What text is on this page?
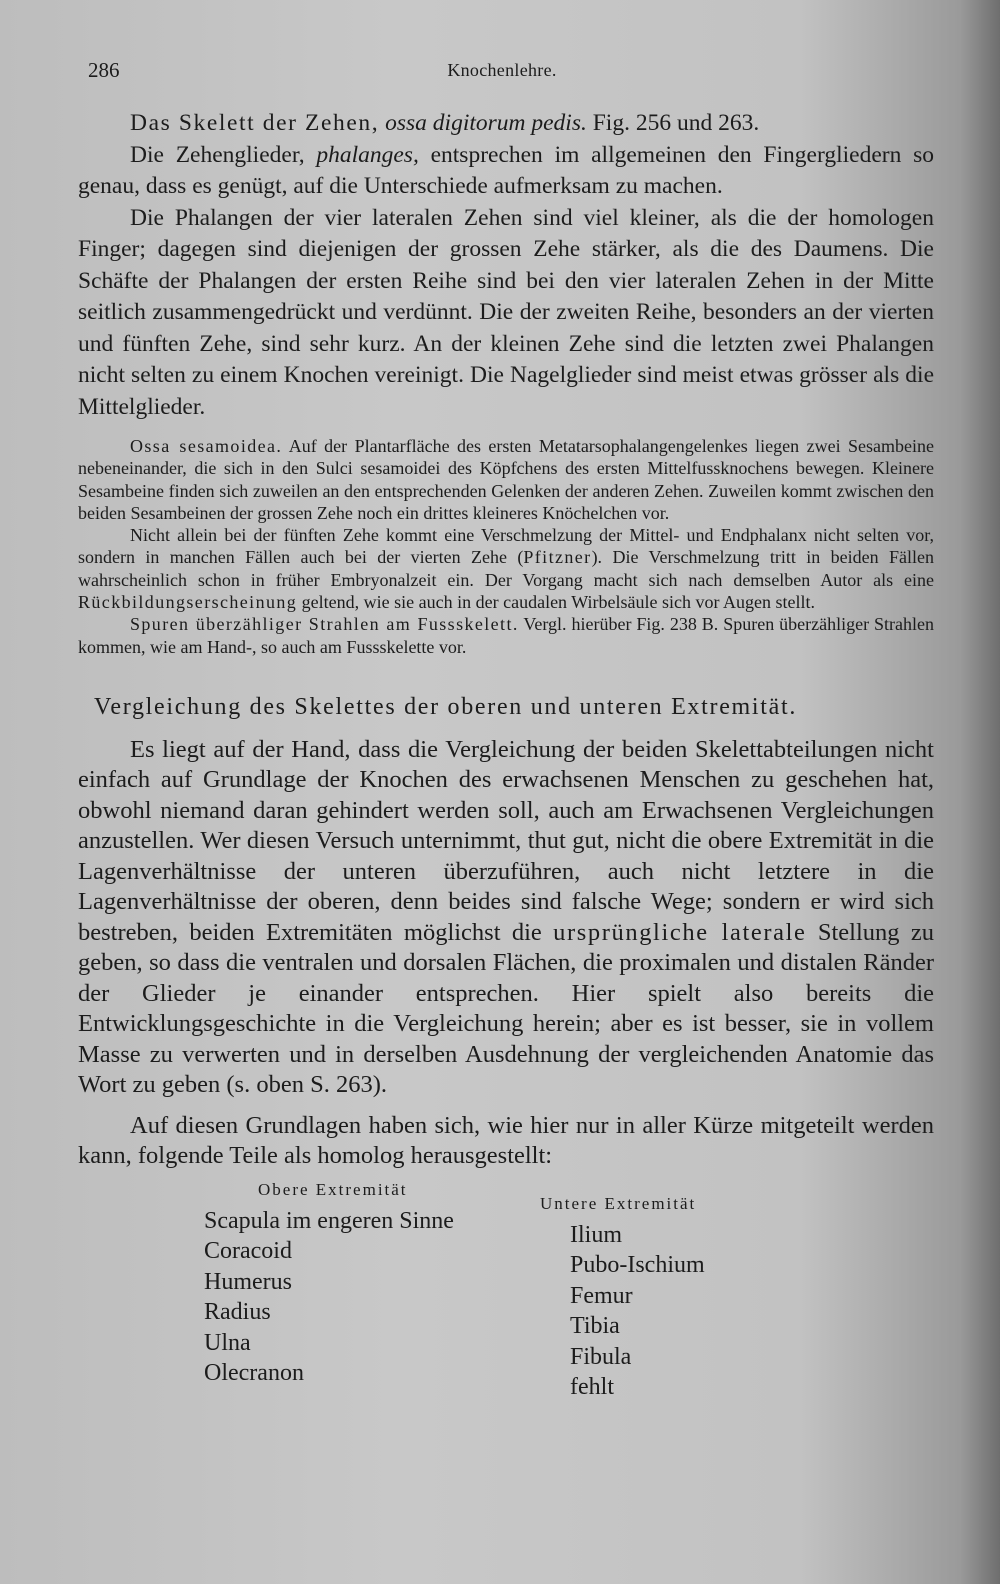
286	Knochenlehre.

Das Skelett der Zehen, ossa digitorum pedis. Fig. 256 und 263.

Die Zehenglieder, phalanges, entsprechen im allgemeinen den Fingergliedern so genau, dass es genügt, auf die Unterschiede aufmerksam zu machen.

Die Phalangen der vier lateralen Zehen sind viel kleiner, als die der homologen Finger; dagegen sind diejenigen der grossen Zehe stärker, als die des Daumens. Die Schäfte der Phalangen der ersten Reihe sind bei den vier lateralen Zehen in der Mitte seitlich zusammengedrückt und verdünnt. Die der zweiten Reihe, besonders an der vierten und fünften Zehe, sind sehr kurz. An der kleinen Zehe sind die letzten zwei Phalangen nicht selten zu einem Knochen vereinigt. Die Nagelglieder sind meist etwas grösser als die Mittelglieder.

Ossa sesamoidea. Auf der Plantarfläche des ersten Metatarsophalangengelenkes liegen zwei Sesambeine nebeneinander, die sich in den Sulci sesamoidei des Köpfchens des ersten Mittelfussknochens bewegen. Kleinere Sesambeine finden sich zuweilen an den entsprechenden Gelenken der anderen Zehen. Zuweilen kommt zwischen den beiden Sesambeinen der grossen Zehe noch ein drittes kleineres Knöchelchen vor.

Nicht allein bei der fünften Zehe kommt eine Verschmelzung der Mittel- und Endphalanx nicht selten vor, sondern in manchen Fällen auch bei der vierten Zehe (Pfitzner). Die Verschmelzung tritt in beiden Fällen wahrscheinlich schon in früher Embryonalzeit ein. Der Vorgang macht sich nach demselben Autor als eine Rückbildungserscheinung geltend, wie sie auch in der caudalen Wirbelsäule sich vor Augen stellt.

Spuren überzähliger Strahlen am Fussskelett. Vergl. hierüber Fig. 238 B. Spuren überzähliger Strahlen kommen, wie am Hand-, so auch am Fussskelette vor.

Vergleichung des Skelettes der oberen und unteren Extremität.

Es liegt auf der Hand, dass die Vergleichung der beiden Skelettabteilungen nicht einfach auf Grundlage der Knochen des erwachsenen Menschen zu geschehen hat, obwohl niemand daran gehindert werden soll, auch am Erwachsenen Vergleichungen anzustellen. Wer diesen Versuch unternimmt, thut gut, nicht die obere Extremität in die Lagenverhältnisse der unteren überzuführen, auch nicht letztere in die Lagenverhältnisse der oberen, denn beides sind falsche Wege; sondern er wird sich bestreben, beiden Extremitäten möglichst die ursprüngliche laterale Stellung zu geben, so dass die ventralen und dorsalen Flächen, die proximalen und distalen Ränder der Glieder je einander entsprechen. Hier spielt also bereits die Entwicklungsgeschichte in die Vergleichung herein; aber es ist besser, sie in vollem Masse zu verwerten und in derselben Ausdehnung der vergleichenden Anatomie das Wort zu geben (s. oben S. 263).

Auf diesen Grundlagen haben sich, wie hier nur in aller Kürze mitgeteilt werden kann, folgende Teile als homolog herausgestellt:

Obere Extremität
Scapula im engeren Sinne
Coracoid
Humerus
Radius
Ulna
Olecranon
Untere Extremität
Ilium
Pubo-Ischium
Femur
Tibia
Fibula
fehlt
